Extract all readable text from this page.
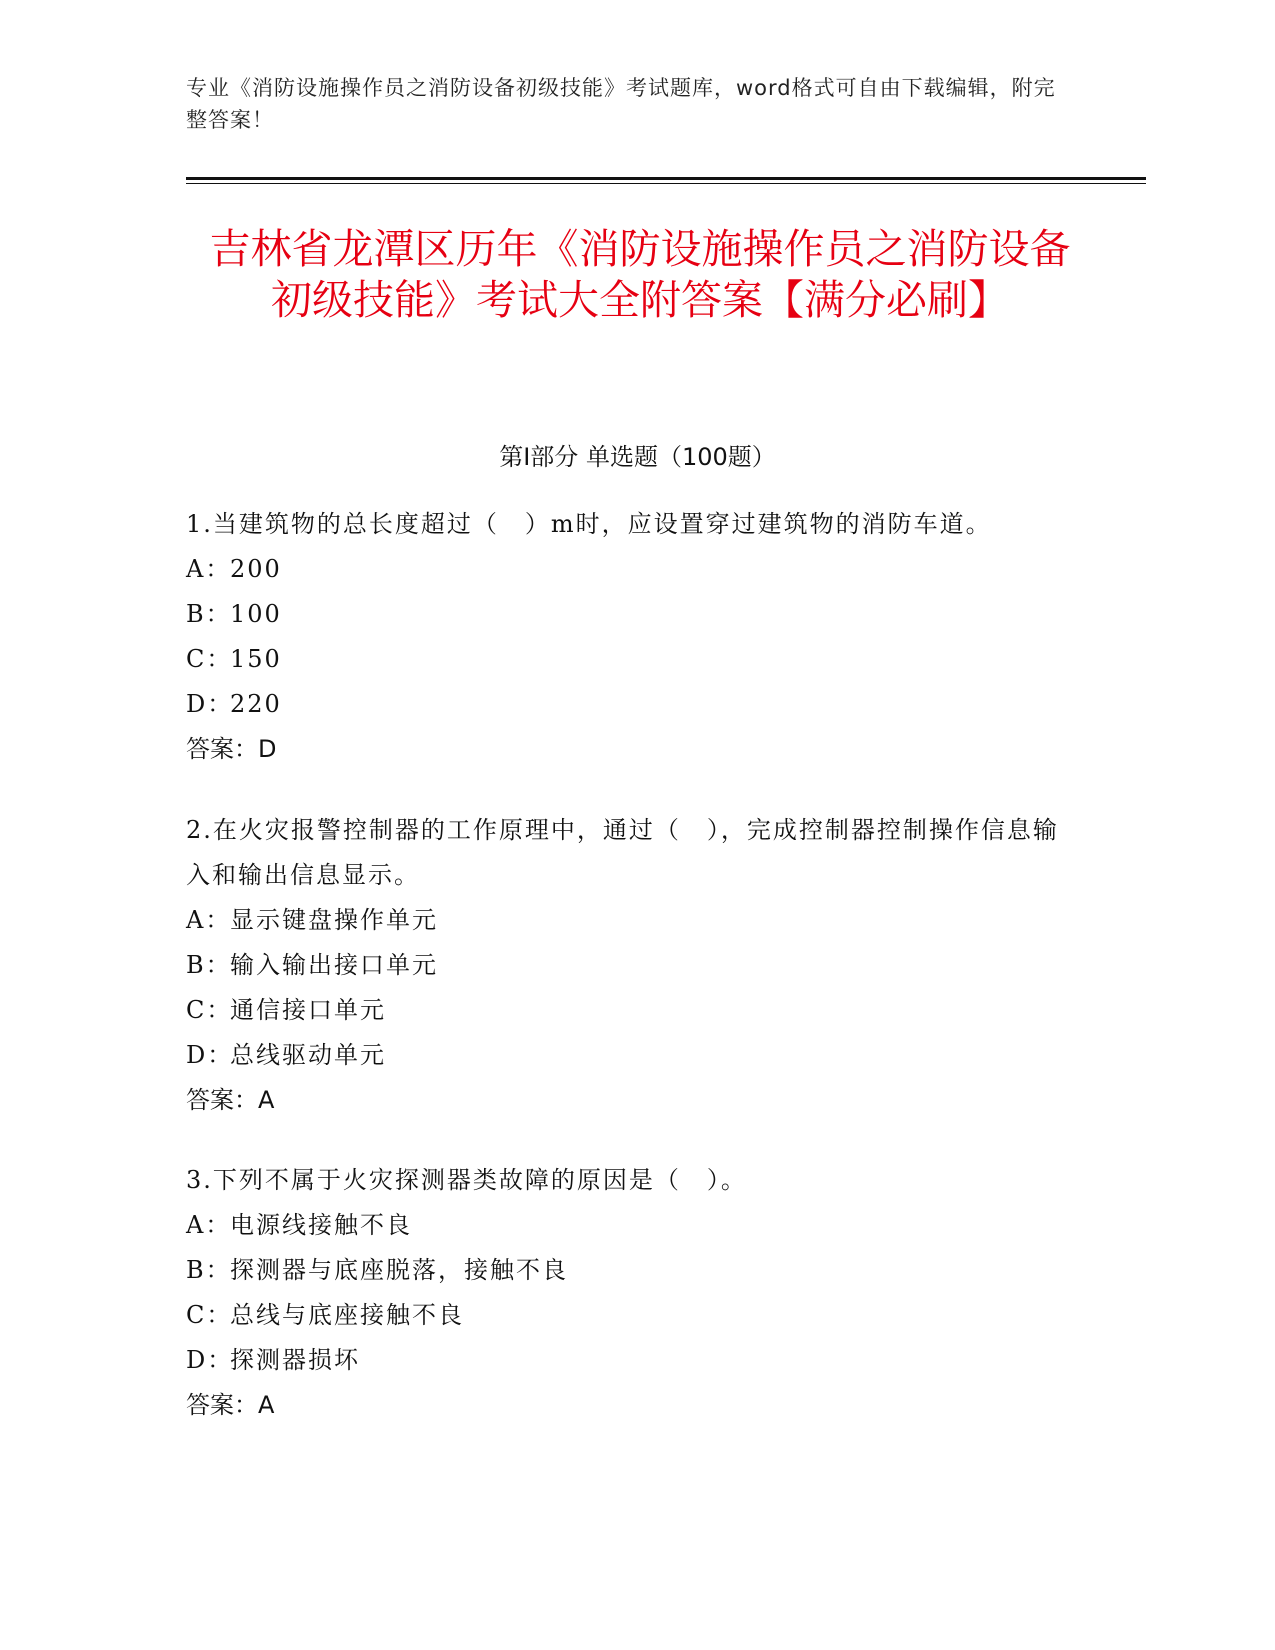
专业《消防设施操作员之消防设备初级技能》考试题库，word格式可自由下载编辑，附完整答案！
吉林省龙潭区历年《消防设施操作员之消防设备初级技能》考试大全附答案【满分必刷】
第Ⅰ部分 单选题（100题）
1.当建筑物的总长度超过（　）m时，应设置穿过建筑物的消防车道。
A：
200
B：
100
C：
150
D：
220
答案：D
2.在火灾报警控制器的工作原理中，通过（　），完成控制器控制操作信息输入和输出信息显示。
A：
显示键盘操作单元
B：
输入输出接口单元
C：
通信接口单元
D：
总线驱动单元
答案：A
3.下列不属于火灾探测器类故障的原因是（　）。
A：
电源线接触不良
B：
探测器与底座脱落，接触不良
C：
总线与底座接触不良
D：
探测器损坏
答案：A
